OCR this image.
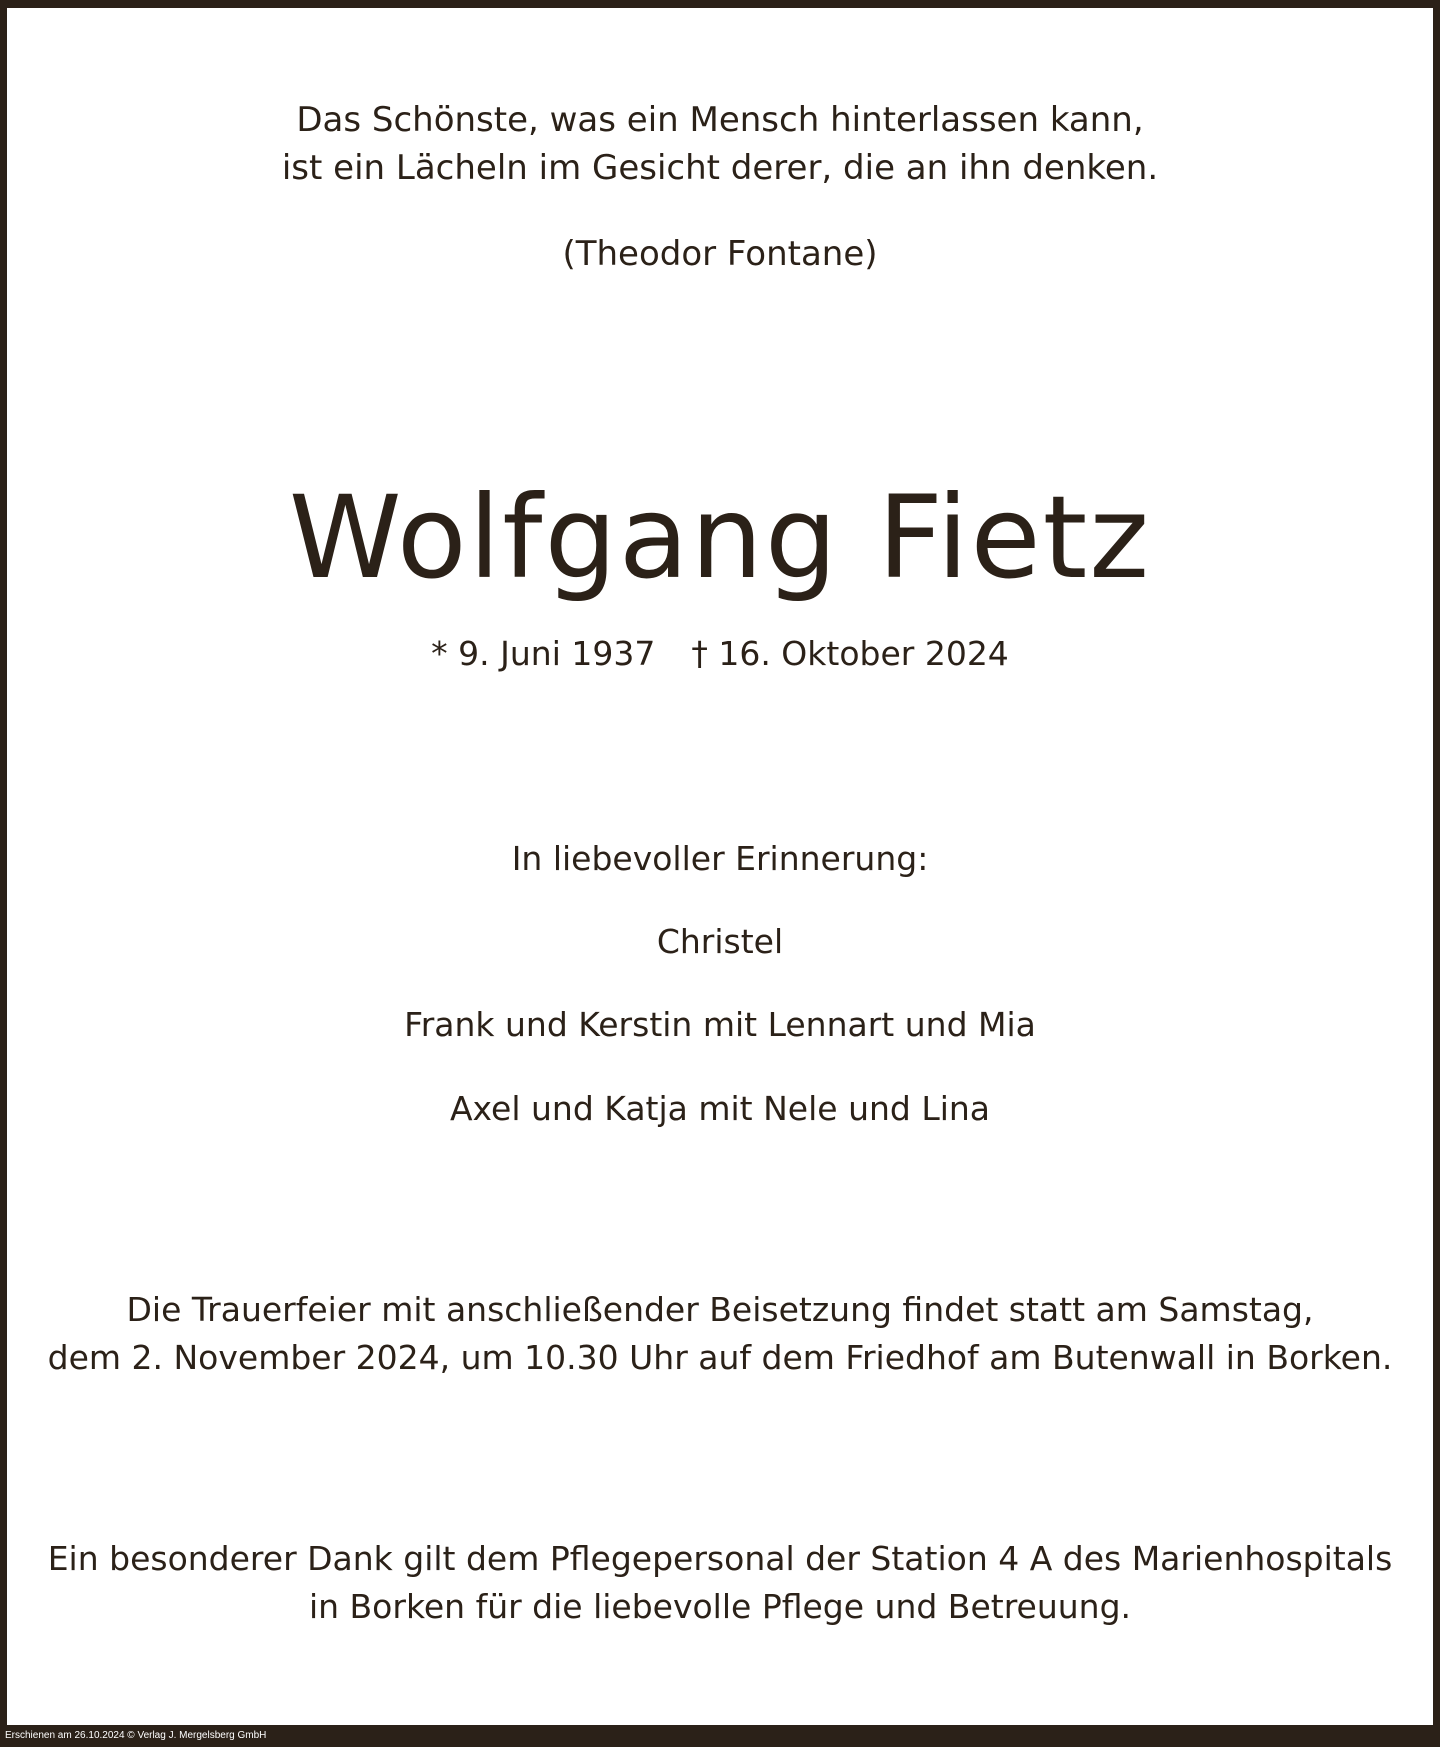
Das Schönste, was ein Mensch hinterlassen kann,
ist ein Lächeln im Gesicht derer, die an ihn denken.
(Theodor Fontane)
Wolfgang Fietz
* 9. Juni 1937 † 16. Oktober 2024
In liebevoller Erinnerung:
Christel
Frank und Kerstin mit Lennart und Mia
Axel und Katja mit Nele und Lina
Die Trauerfeier mit anschließender Beisetzung findet statt am Samstag,
dem 2. November 2024, um 10.30 Uhr auf dem Friedhof am Butenwall in Borken.
Ein besonderer Dank gilt dem Pflegepersonal der Station 4 A des Marienhospitals
in Borken für die liebevolle Pflege und Betreuung.
Erschienen am 26.10.2024 © Verlag J. Mergelsberg GmbH
